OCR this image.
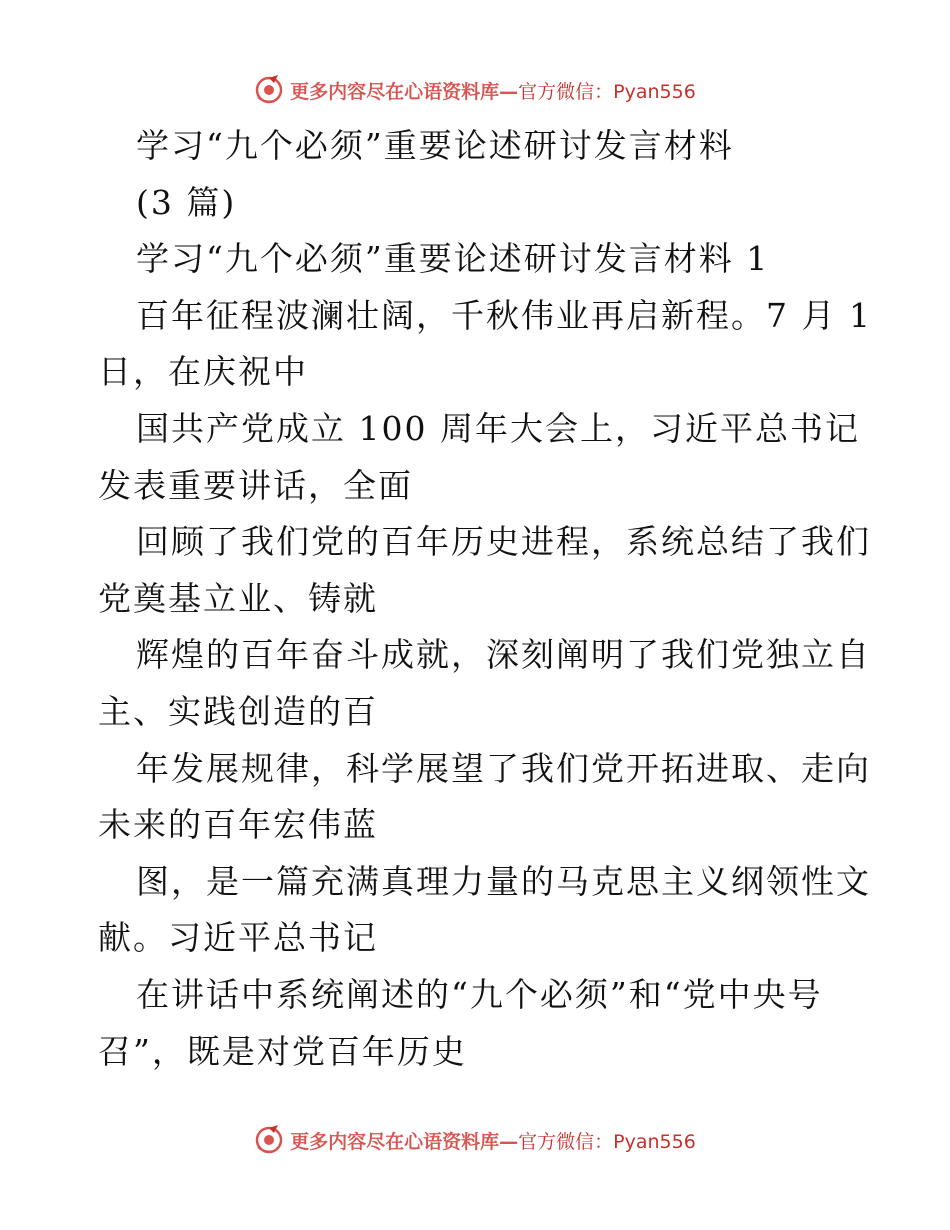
更多内容尽在心语资料库—官方微信：Pyan556
学习“九个必须”重要论述研讨发言材料
(3 篇)
学习“九个必须”重要论述研讨发言材料 1
百年征程波澜壮阔，千秋伟业再启新程。7 月 1
日，在庆祝中
国共产党成立 100 周年大会上，习近平总书记
发表重要讲话，全面
回顾了我们党的百年历史进程，系统总结了我们
党奠基立业、铸就
辉煌的百年奋斗成就，深刻阐明了我们党独立自
主、实践创造的百
年发展规律，科学展望了我们党开拓进取、走向
未来的百年宏伟蓝
图，是一篇充满真理力量的马克思主义纲领性文
献。习近平总书记
在讲话中系统阐述的“九个必须”和“党中央号
召”，既是对党百年历史
更多内容尽在心语资料库—官方微信：Pyan556
